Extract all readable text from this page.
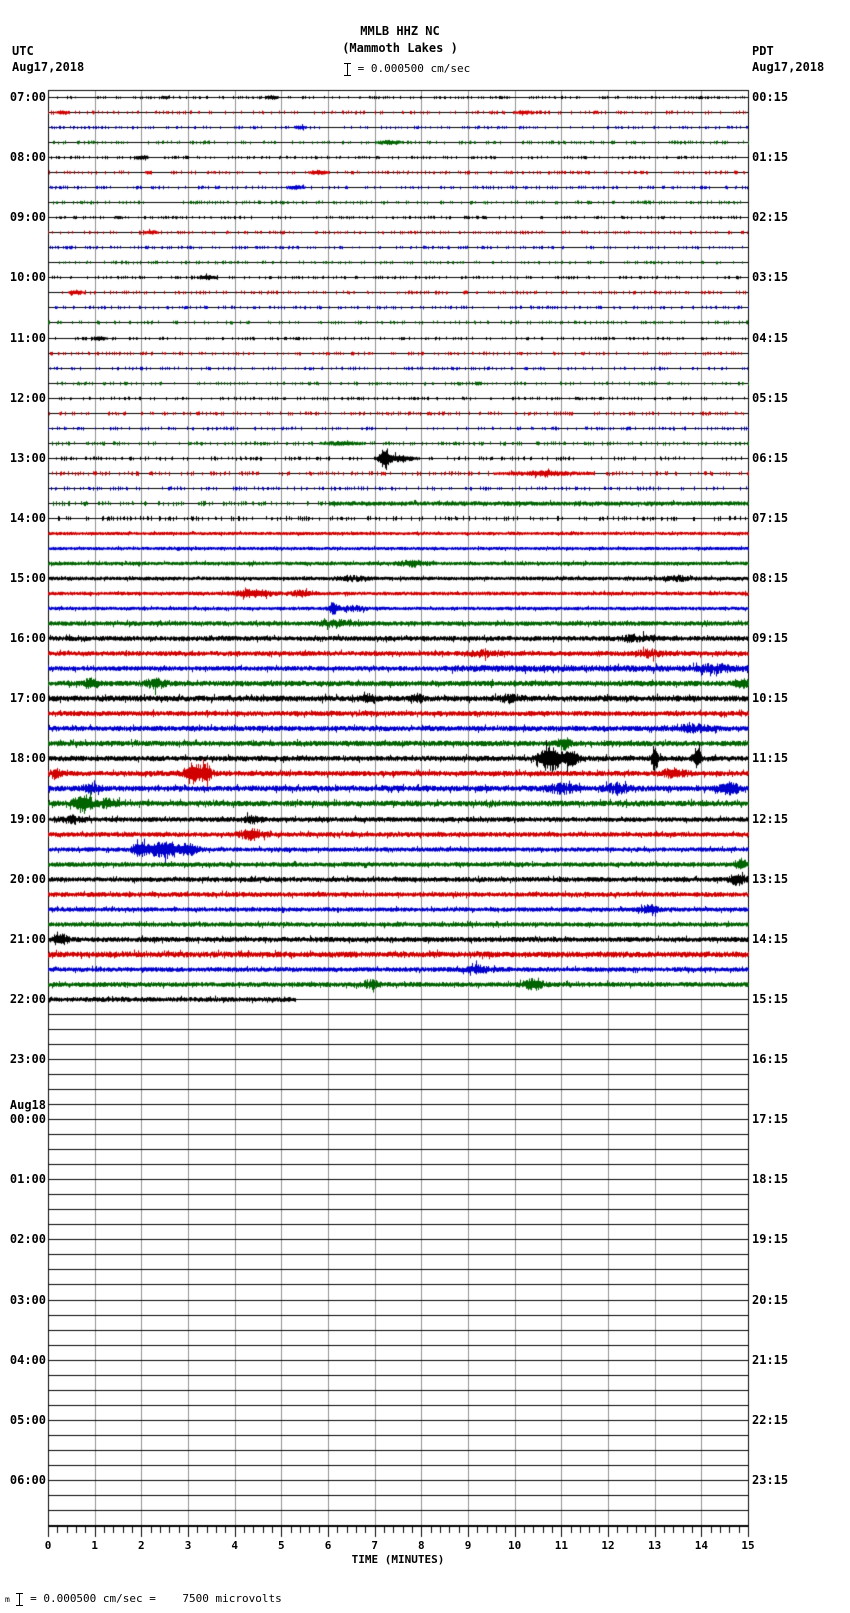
MMLB HHZ NC
(Mammoth Lakes )
= 0.000500 cm/sec
UTC
Aug17,2018
PDT
Aug17,2018
07:00
08:00
09:00
10:00
11:00
12:00
13:00
14:00
15:00
16:00
17:00
18:00
19:00
20:00
21:00
22:00
23:00
00:00
Aug18
01:00
02:00
03:00
04:00
05:00
06:00
00:15
01:15
02:15
03:15
04:15
05:15
06:15
07:15
08:15
09:15
10:15
11:15
12:15
13:15
14:15
15:15
16:15
17:15
18:15
19:15
20:15
21:15
22:15
23:15
0	1	2	3	4	5	6	7	8	9	10	11	12	13	14	15
TIME (MINUTES)
m = 0.000500 cm/sec = 7500 microvolts
